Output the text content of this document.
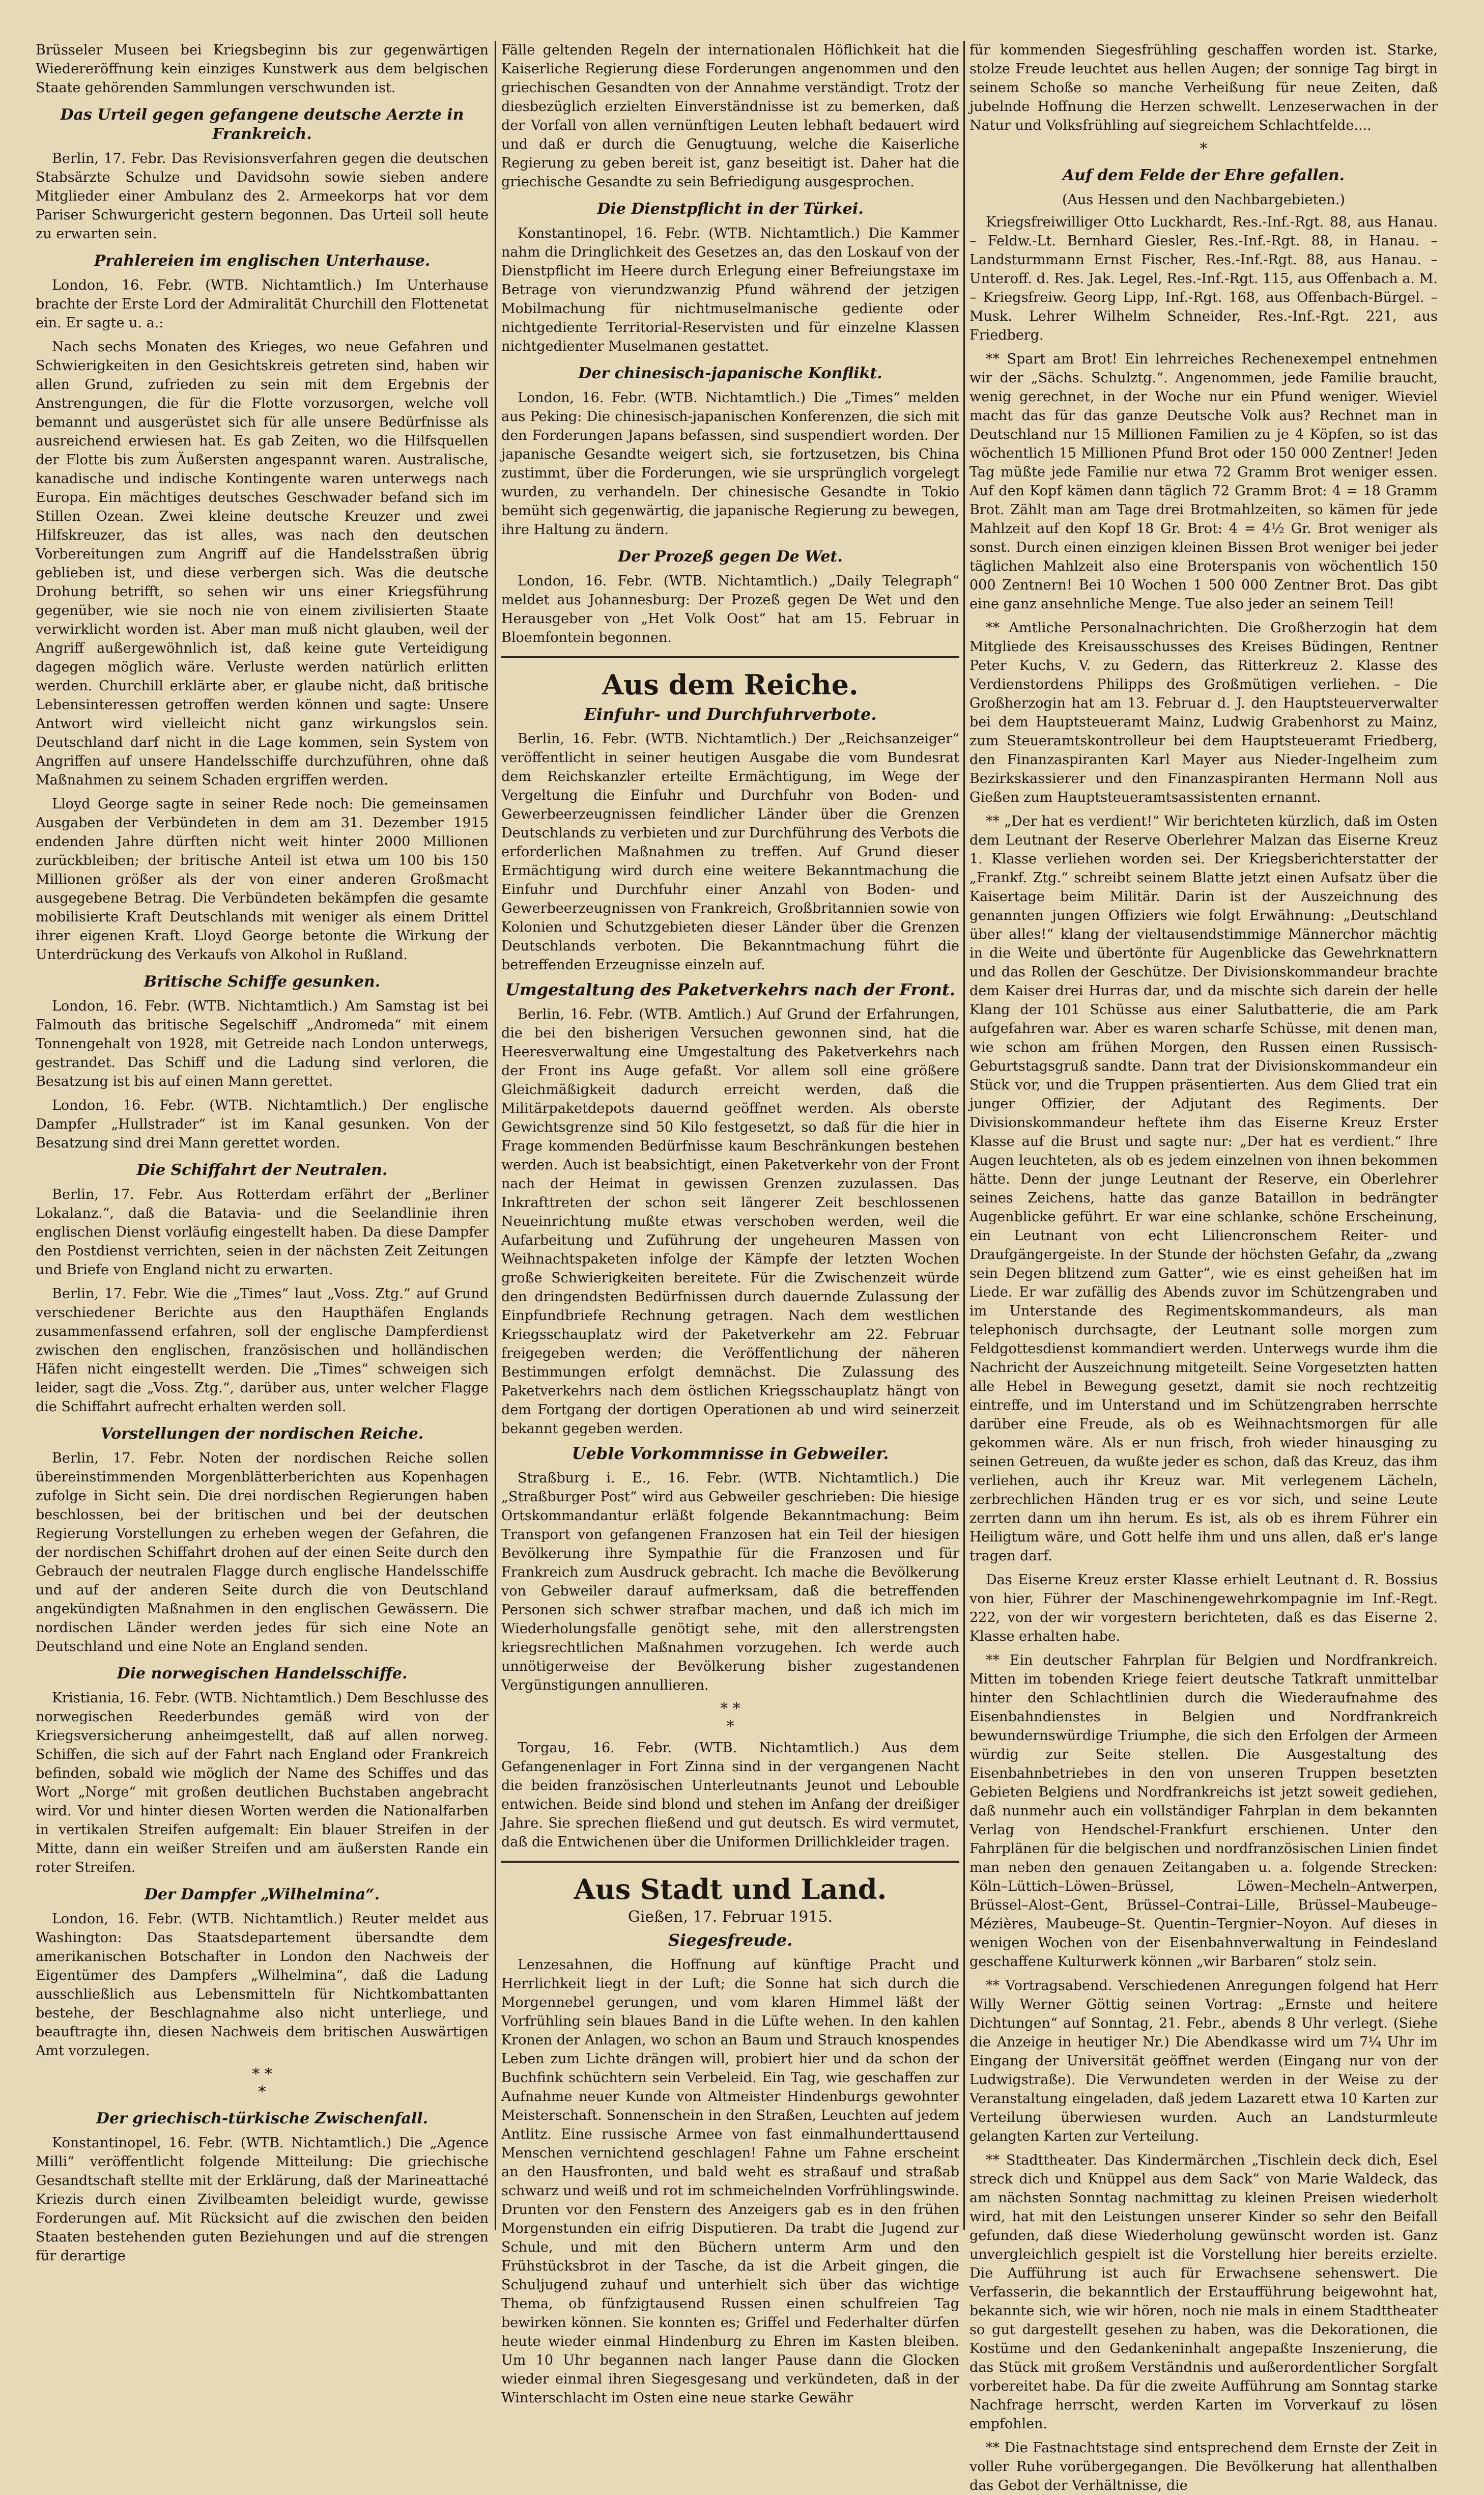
Brüsseler Museen bei Kriegsbeginn bis zur gegenwärtigen Wiedereröffnung kein einziges Kunstwerk aus dem belgischen Staate gehörenden Sammlungen verschwunden ist.

Das Urteil gegen gefangene deutsche Aerzte in Frankreich.

Berlin, 17. Febr. Das Revisionsverfahren gegen die deutschen Stabsärzte Schulze und Davidsohn sowie sieben andere Mitglieder einer Ambulanz des 2. Armeekorps hat vor dem Pariser Schwurgericht gestern begonnen. Das Urteil soll heute zu erwarten sein.

Prahlereien im englischen Unterhause.

London, 16. Febr. (WTB. Nichtamtlich.) Im Unterhause brachte der Erste Lord der Admiralität Churchill den Flottenetat ein. Er sagte u. a.:

Nach sechs Monaten des Krieges, wo neue Gefahren und Schwierigkeiten in den Gesichtskreis getreten sind, haben wir allen Grund, zufrieden zu sein mit dem Ergebnis der Anstrengungen, die für die Flotte vorzusorgen, welche voll bemannt und ausgerüstet sich für alle unsere Bedürfnisse als ausreichend erwiesen hat. Es gab Zeiten, wo die Hilfsquellen der Flotte bis zum Äußersten angespannt waren. Australische, kanadische und indische Kontingente waren unterwegs nach Europa. Ein mächtiges deutsches Geschwader befand sich im Stillen Ozean. Zwei kleine deutsche Kreuzer und zwei Hilfskreuzer, das ist alles, was nach den deutschen Vorbereitungen zum Angriff auf die Handelsstraßen übrig geblieben ist, und diese verbergen sich. Was die deutsche Drohung betrifft, so sehen wir uns einer Kriegsführung gegenüber, wie sie noch nie von einem zivilisierten Staate verwirklicht worden ist. Aber man muß nicht glauben, weil der Angriff außergewöhnlich ist, daß keine gute Verteidigung dagegen möglich wäre. Verluste werden natürlich erlitten werden. Churchill erklärte aber, er glaube nicht, daß britische Lebensinteressen getroffen werden können und sagte: Unsere Antwort wird vielleicht nicht ganz wirkungslos sein. Deutschland darf nicht in die Lage kommen, sein System von Angriffen auf unsere Handelsschiffe durchzuführen, ohne daß Maßnahmen zu seinem Schaden ergriffen werden.

Lloyd George sagte in seiner Rede noch: Die gemeinsamen Ausgaben der Verbündeten in dem am 31. Dezember 1915 endenden Jahre dürften nicht weit hinter 2000 Millionen zurückbleiben; der britische Anteil ist etwa um 100 bis 150 Millionen größer als der von einer anderen Großmacht ausgegebene Betrag. Die Verbündeten bekämpfen die gesamte mobilisierte Kraft Deutschlands mit weniger als einem Drittel ihrer eigenen Kraft. Lloyd George betonte die Wirkung der Unterdrückung des Verkaufs von Alkohol in Rußland.

Britische Schiffe gesunken.

London, 16. Febr. (WTB. Nichtamtlich.) Am Samstag ist bei Falmouth das britische Segelschiff „Andromeda“ mit einem Tonnengehalt von 1928, mit Getreide nach London unterwegs, gestrandet. Das Schiff und die Ladung sind verloren, die Besatzung ist bis auf einen Mann gerettet.

London, 16. Febr. (WTB. Nichtamtlich.) Der englische Dampfer „Hullstrader“ ist im Kanal gesunken. Von der Besatzung sind drei Mann gerettet worden.

Die Schiffahrt der Neutralen.

Berlin, 17. Febr. Aus Rotterdam erfährt der „Berliner Lokalanz.“, daß die Batavia- und die Seelandlinie ihren englischen Dienst vorläufig eingestellt haben. Da diese Dampfer den Postdienst verrichten, seien in der nächsten Zeit Zeitungen und Briefe von England nicht zu erwarten.

Berlin, 17. Febr. Wie die „Times“ laut „Voss. Ztg.“ auf Grund verschiedener Berichte aus den Haupthäfen Englands zusammenfassend erfahren, soll der englische Dampferdienst zwischen den englischen, französischen und holländischen Häfen nicht eingestellt werden. Die „Times“ schweigen sich leider, sagt die „Voss. Ztg.“, darüber aus, unter welcher Flagge die Schiffahrt aufrecht erhalten werden soll.

Vorstellungen der nordischen Reiche.

Berlin, 17. Febr. Noten der nordischen Reiche sollen übereinstimmenden Morgenblätterberichten aus Kopenhagen zufolge in Sicht sein. Die drei nordischen Regierungen haben beschlossen, bei der britischen und bei der deutschen Regierung Vorstellungen zu erheben wegen der Gefahren, die der nordischen Schiffahrt drohen auf der einen Seite durch den Gebrauch der neutralen Flagge durch englische Handelsschiffe und auf der anderen Seite durch die von Deutschland angekündigten Maßnahmen in den englischen Gewässern. Die nordischen Länder werden jedes für sich eine Note an Deutschland und eine Note an England senden.

Die norwegischen Handelsschiffe.

Kristiania, 16. Febr. (WTB. Nichtamtlich.) Dem Beschlusse des norwegischen Reederbundes gemäß wird von der Kriegsversicherung anheimgestellt, daß auf allen norweg. Schiffen, die sich auf der Fahrt nach England oder Frankreich befinden, sobald wie möglich der Name des Schiffes und das Wort „Norge“ mit großen deutlichen Buchstaben angebracht wird. Vor und hinter diesen Worten werden die Nationalfarben in vertikalen Streifen aufgemalt: Ein blauer Streifen in der Mitte, dann ein weißer Streifen und am äußersten Rande ein roter Streifen.

Der Dampfer „Wilhelmina“.

London, 16. Febr. (WTB. Nichtamtlich.) Reuter meldet aus Washington: Das Staatsdepartement übersandte dem amerikanischen Botschafter in London den Nachweis der Eigentümer des Dampfers „Wilhelmina“, daß die Ladung ausschließlich aus Lebensmitteln für Nichtkombattanten bestehe, der Beschlagnahme also nicht unterliege, und beauftragte ihn, diesen Nachweis dem britischen Auswärtigen Amt vorzulegen.

* *
*
Der griechisch-türkische Zwischenfall.

Konstantinopel, 16. Febr. (WTB. Nichtamtlich.) Die „Agence Milli“ veröffentlicht folgende Mitteilung: Die griechische Gesandtschaft stellte mit der Erklärung, daß der Marineattaché Kriezis durch einen Zivilbeamten beleidigt wurde, gewisse Forderungen auf. Mit Rücksicht auf die zwischen den beiden Staaten bestehenden guten Beziehungen und auf die strengen für derartige

Fälle geltenden Regeln der internationalen Höflichkeit hat die Kaiserliche Regierung diese Forderungen angenommen und den griechischen Gesandten von der Annahme verständigt. Trotz der diesbezüglich erzielten Einverständnisse ist zu bemerken, daß der Vorfall von allen vernünftigen Leuten lebhaft bedauert wird und daß er durch die Genugtuung, welche die Kaiserliche Regierung zu geben bereit ist, ganz beseitigt ist. Daher hat die griechische Gesandte zu sein Befriedigung ausgesprochen.

Die Dienstpflicht in der Türkei.

Konstantinopel, 16. Febr. (WTB. Nichtamtlich.) Die Kammer nahm die Dringlichkeit des Gesetzes an, das den Loskauf von der Dienstpflicht im Heere durch Erlegung einer Befreiungstaxe im Betrage von vierundzwanzig Pfund während der jetzigen Mobilmachung für nichtmuselmanische gediente oder nichtgediente Territorial-Reservisten und für einzelne Klassen nichtgedienter Muselmanen gestattet.

Der chinesisch-japanische Konflikt.

London, 16. Febr. (WTB. Nichtamtlich.) Die „Times“ melden aus Peking: Die chinesisch-japanischen Konferenzen, die sich mit den Forderungen Japans befassen, sind suspendiert worden. Der japanische Gesandte weigert sich, sie fortzusetzen, bis China zustimmt, über die Forderungen, wie sie ursprünglich vorgelegt wurden, zu verhandeln. Der chinesische Gesandte in Tokio bemüht sich gegenwärtig, die japanische Regierung zu bewegen, ihre Haltung zu ändern.

Der Prozeß gegen De Wet.

London, 16. Febr. (WTB. Nichtamtlich.) „Daily Telegraph“ meldet aus Johannesburg: Der Prozeß gegen De Wet und den Herausgeber von „Het Volk Oost“ hat am 15. Februar in Bloemfontein begonnen.

Aus dem Reiche.
Einfuhr- und Durchfuhrverbote.

Berlin, 16. Febr. (WTB. Nichtamtlich.) Der „Reichsanzeiger“ veröffentlicht in seiner heutigen Ausgabe die vom Bundesrat dem Reichskanzler erteilte Ermächtigung, im Wege der Vergeltung die Einfuhr und Durchfuhr von Boden- und Gewerbeerzeugnissen feindlicher Länder über die Grenzen Deutschlands zu verbieten und zur Durchführung des Verbots die erforderlichen Maßnahmen zu treffen. Auf Grund dieser Ermächtigung wird durch eine weitere Bekanntmachung die Einfuhr und Durchfuhr einer Anzahl von Boden- und Gewerbeerzeugnissen von Frankreich, Großbritannien sowie von Kolonien und Schutzgebieten dieser Länder über die Grenzen Deutschlands verboten. Die Bekanntmachung führt die betreffenden Erzeugnisse einzeln auf.

Umgestaltung des Paketverkehrs nach der Front.

Berlin, 16. Febr. (WTB. Amtlich.) Auf Grund der Erfahrungen, die bei den bisherigen Versuchen gewonnen sind, hat die Heeresverwaltung eine Umgestaltung des Paketverkehrs nach der Front ins Auge gefaßt. Vor allem soll eine größere Gleichmäßigkeit dadurch erreicht werden, daß die Militärpaketdepots dauernd geöffnet werden. Als oberste Gewichtsgrenze sind 50 Kilo festgesetzt, so daß für die hier in Frage kommenden Bedürfnisse kaum Beschränkungen bestehen werden. Auch ist beabsichtigt, einen Paketverkehr von der Front nach der Heimat in gewissen Grenzen zuzulassen. Das Inkrafttreten der schon seit längerer Zeit beschlossenen Neueinrichtung mußte etwas verschoben werden, weil die Aufarbeitung und Zuführung der ungeheuren Massen von Weihnachtspaketen infolge der Kämpfe der letzten Wochen große Schwierigkeiten bereitete. Für die Zwischenzeit würde den dringendsten Bedürfnissen durch dauernde Zulassung der Einpfundbriefe Rechnung getragen. Nach dem westlichen Kriegsschauplatz wird der Paketverkehr am 22. Februar freigegeben werden; die Veröffentlichung der näheren Bestimmungen erfolgt demnächst. Die Zulassung des Paketverkehrs nach dem östlichen Kriegsschauplatz hängt von dem Fortgang der dortigen Operationen ab und wird seinerzeit bekannt gegeben werden.

Ueble Vorkommnisse in Gebweiler.

Straßburg i. E., 16. Febr. (WTB. Nichtamtlich.) Die „Straßburger Post“ wird aus Gebweiler geschrieben: Die hiesige Ortskommandantur erläßt folgende Bekanntmachung: Beim Transport von gefangenen Franzosen hat ein Teil der hiesigen Bevölkerung ihre Sympathie für die Franzosen und für Frankreich zum Ausdruck gebracht. Ich mache die Bevölkerung von Gebweiler darauf aufmerksam, daß die betreffenden Personen sich schwer strafbar machen, und daß ich mich im Wiederholungsfalle genötigt sehe, mit den allerstrengsten kriegsrechtlichen Maßnahmen vorzugehen. Ich werde auch unnötigerweise der Bevölkerung bisher zugestandenen Vergünstigungen annullieren.

* *
*

Torgau, 16. Febr. (WTB. Nichtamtlich.) Aus dem Gefangenenlager in Fort Zinna sind in der vergangenen Nacht die beiden französischen Unterleutnants Jeunot und Lebouble entwichen. Beide sind blond und stehen im Anfang der dreißiger Jahre. Sie sprechen fließend und gut deutsch. Es wird vermutet, daß die Entwichenen über die Uniformen Drillichkleider tragen.

Aus Stadt und Land.
Gießen, 17. Februar 1915.
Siegesfreude.

Lenzesahnen, die Hoffnung auf künftige Pracht und Herrlichkeit liegt in der Luft; die Sonne hat sich durch die Morgennebel gerungen, und vom klaren Himmel läßt der Vorfrühling sein blaues Band in die Lüfte wehen. In den kahlen Kronen der Anlagen, wo schon an Baum und Strauch knospendes Leben zum Lichte drängen will, probiert hier und da schon der Buchfink schüchtern sein Verbeleid. Ein Tag, wie geschaffen zur Aufnahme neuer Kunde von Altmeister Hindenburgs gewohnter Meisterschaft. Sonnenschein in den Straßen, Leuchten auf jedem Antlitz. Eine russische Armee von fast einmalhunderttausend Menschen vernichtend geschlagen! Fahne um Fahne erscheint an den Hausfronten, und bald weht es straßauf und straßab schwarz und weiß und rot im schmeichelnden Vorfrühlingswinde. Drunten vor den Fenstern des Anzeigers gab es in den frühen Morgenstunden ein eifrig Disputieren. Da trabt die Jugend zur Schule, und mit den Büchern unterm Arm und den Frühstücksbrot in der Tasche, da ist die Arbeit gingen, die Schuljugend zuhauf und unterhielt sich über das wichtige Thema, ob fünfzigtausend Russen einen schulfreien Tag bewirken können. Sie konnten es; Griffel und Federhalter dürfen heute wieder einmal Hindenburg zu Ehren im Kasten bleiben. Um 10 Uhr begannen nach langer Pause dann die Glocken wieder einmal ihren Siegesgesang und verkündeten, daß in der Winterschlacht im Osten eine neue starke Gewähr

für kommenden Siegesfrühling geschaffen worden ist. Starke, stolze Freude leuchtet aus hellen Augen; der sonnige Tag birgt in seinem Schoße so manche Verheißung für neue Zeiten, daß jubelnde Hoffnung die Herzen schwellt. Lenzeserwachen in der Natur und Volksfrühling auf siegreichem Schlachtfelde....

*
Auf dem Felde der Ehre gefallen.
(Aus Hessen und den Nachbargebieten.)

Kriegsfreiwilliger Otto Luckhardt, Res.-Inf.-Rgt. 88, aus Hanau. – Feldw.-Lt. Bernhard Giesler, Res.-Inf.-Rgt. 88, in Hanau. – Landsturmmann Ernst Fischer, Res.-Inf.-Rgt. 88, aus Hanau. – Unteroff. d. Res. Jak. Legel, Res.-Inf.-Rgt. 115, aus Offenbach a. M. – Kriegsfreiw. Georg Lipp, Inf.-Rgt. 168, aus Offenbach-Bürgel. – Musk. Lehrer Wilhelm Schneider, Res.-Inf.-Rgt. 221, aus Friedberg.

** Spart am Brot! Ein lehrreiches Rechenexempel entnehmen wir der „Sächs. Schulztg.“. Angenommen, jede Familie braucht, wenig gerechnet, in der Woche nur ein Pfund weniger. Wieviel macht das für das ganze Deutsche Volk aus? Rechnet man in Deutschland nur 15 Millionen Familien zu je 4 Köpfen, so ist das wöchentlich 15 Millionen Pfund Brot oder 150 000 Zentner! Jeden Tag müßte jede Familie nur etwa 72 Gramm Brot weniger essen. Auf den Kopf kämen dann täglich 72 Gramm Brot: 4 = 18 Gramm Brot. Zählt man am Tage drei Brotmahlzeiten, so kämen für jede Mahlzeit auf den Kopf 18 Gr. Brot: 4 = 4½ Gr. Brot weniger als sonst. Durch einen einzigen kleinen Bissen Brot weniger bei jeder täglichen Mahlzeit also eine Broterspanis von wöchentlich 150 000 Zentnern! Bei 10 Wochen 1 500 000 Zentner Brot. Das gibt eine ganz ansehnliche Menge. Tue also jeder an seinem Teil!

** Amtliche Personalnachrichten. Die Großherzogin hat dem Mitgliede des Kreisausschusses des Kreises Büdingen, Rentner Peter Kuchs, V. zu Gedern, das Ritterkreuz 2. Klasse des Verdienstordens Philipps des Großmütigen verliehen. – Die Großherzogin hat am 13. Februar d. J. den Hauptsteuerverwalter bei dem Hauptsteueramt Mainz, Ludwig Grabenhorst zu Mainz, zum Steueramtskontrolleur bei dem Hauptsteueramt Friedberg, den Finanzaspiranten Karl Mayer aus Nieder-Ingelheim zum Bezirkskassierer und den Finanzaspiranten Hermann Noll aus Gießen zum Hauptsteueramtsassistenten ernannt.

** „Der hat es verdient!“ Wir berichteten kürzlich, daß im Osten dem Leutnant der Reserve Oberlehrer Malzan das Eiserne Kreuz 1. Klasse verliehen worden sei. Der Kriegsberichterstatter der „Frankf. Ztg.“ schreibt seinem Blatte jetzt einen Aufsatz über die Kaisertage beim Militär. Darin ist der Auszeichnung des genannten jungen Offiziers wie folgt Erwähnung: „Deutschland über alles!“ klang der vieltausendstimmige Männerchor mächtig in die Weite und übertönte für Augenblicke das Gewehrknattern und das Rollen der Geschütze. Der Divisionskommandeur brachte dem Kaiser drei Hurras dar, und da mischte sich darein der helle Klang der 101 Schüsse aus einer Salutbatterie, die am Park aufgefahren war. Aber es waren scharfe Schüsse, mit denen man, wie schon am frühen Morgen, den Russen einen Russisch-Geburtstagsgruß sandte. Dann trat der Divisionskommandeur ein Stück vor, und die Truppen präsentierten. Aus dem Glied trat ein junger Offizier, der Adjutant des Regiments. Der Divisionskommandeur heftete ihm das Eiserne Kreuz Erster Klasse auf die Brust und sagte nur: „Der hat es verdient.“ Ihre Augen leuchteten, als ob es jedem einzelnen von ihnen bekommen hätte. Denn der junge Leutnant der Reserve, ein Oberlehrer seines Zeichens, hatte das ganze Bataillon in bedrängter Augenblicke geführt. Er war eine schlanke, schöne Erscheinung, ein Leutnant von echt Liliencronschem Reiter- und Draufgängergeiste. In der Stunde der höchsten Gefahr, da „zwang sein Degen blitzend zum Gatter“, wie es einst geheißen hat im Liede. Er war zufällig des Abends zuvor im Schützengraben und im Unterstande des Regimentskommandeurs, als man telephonisch durchsagte, der Leutnant solle morgen zum Feldgottesdienst kommandiert werden. Unterwegs wurde ihm die Nachricht der Auszeichnung mitgeteilt. Seine Vorgesetzten hatten alle Hebel in Bewegung gesetzt, damit sie noch rechtzeitig eintreffe, und im Unterstand und im Schützengraben herrschte darüber eine Freude, als ob es Weihnachtsmorgen für alle gekommen wäre. Als er nun frisch, froh wieder hinausging zu seinen Getreuen, da wußte jeder es schon, daß das Kreuz, das ihm verliehen, auch ihr Kreuz war. Mit verlegenem Lächeln, zerbrechlichen Händen trug er es vor sich, und seine Leute zerrten dann um ihn herum. Es ist, als ob es ihrem Führer ein Heiligtum wäre, und Gott helfe ihm und uns allen, daß er's lange tragen darf.

Das Eiserne Kreuz erster Klasse erhielt Leutnant d. R. Bossius von hier, Führer der Maschinengewehrkompagnie im Inf.-Regt. 222, von der wir vorgestern berichteten, daß es das Eiserne 2. Klasse erhalten habe.

** Ein deutscher Fahrplan für Belgien und Nordfrankreich. Mitten im tobenden Kriege feiert deutsche Tatkraft unmittelbar hinter den Schlachtlinien durch die Wiederaufnahme des Eisenbahndienstes in Belgien und Nordfrankreich bewundernswürdige Triumphe, die sich den Erfolgen der Armeen würdig zur Seite stellen. Die Ausgestaltung des Eisenbahnbetriebes in den von unseren Truppen besetzten Gebieten Belgiens und Nordfrankreichs ist jetzt soweit gediehen, daß nunmehr auch ein vollständiger Fahrplan in dem bekannten Verlag von Hendschel-Frankfurt erschienen. Unter den Fahrplänen für die belgischen und nordfranzösischen Linien findet man neben den genauen Zeitangaben u. a. folgende Strecken: Köln–Lüttich–Löwen–Brüssel, Löwen–Mecheln–Antwerpen, Brüssel–Alost–Gent, Brüssel–Contrai–Lille, Brüssel–Maubeuge–Mézières, Maubeuge–St. Quentin–Tergnier–Noyon. Auf dieses in wenigen Wochen von der Eisenbahnverwaltung in Feindesland geschaffene Kulturwerk können „wir Barbaren“ stolz sein.

** Vortragsabend. Verschiedenen Anregungen folgend hat Herr Willy Werner Göttig seinen Vortrag: „Ernste und heitere Dichtungen“ auf Sonntag, 21. Febr., abends 8 Uhr verlegt. (Siehe die Anzeige in heutiger Nr.) Die Abendkasse wird um 7¼ Uhr im Eingang der Universität geöffnet werden (Eingang nur von der Ludwigstraße). Die Verwundeten werden in der Weise zu der Veranstaltung eingeladen, daß jedem Lazarett etwa 10 Karten zur Verteilung überwiesen wurden. Auch an Landsturmleute gelangten Karten zur Verteilung.

** Stadttheater. Das Kindermärchen „Tischlein deck dich, Esel streck dich und Knüppel aus dem Sack“ von Marie Waldeck, das am nächsten Sonntag nachmittag zu kleinen Preisen wiederholt wird, hat mit den Leistungen unserer Kinder so sehr den Beifall gefunden, daß diese Wiederholung gewünscht worden ist. Ganz unvergleichlich gespielt ist die Vorstellung hier bereits erzielte. Die Aufführung ist auch für Erwachsene sehenswert. Die Verfasserin, die bekanntlich der Erstaufführung beigewohnt hat, bekannte sich, wie wir hören, noch nie mals in einem Stadttheater so gut dargestellt gesehen zu haben, was die Dekorationen, die Kostüme und den Gedankeninhalt angepaßte Inszenierung, die das Stück mit großem Verständnis und außerordentlicher Sorgfalt vorbereitet habe. Da für die zweite Aufführung am Sonntag starke Nachfrage herrscht, werden Karten im Vorverkauf zu lösen empfohlen.

** Die Fastnachtstage sind entsprechend dem Ernste der Zeit in voller Ruhe vorübergegangen. Die Bevölkerung hat allenthalben das Gebot der Verhältnisse, die
